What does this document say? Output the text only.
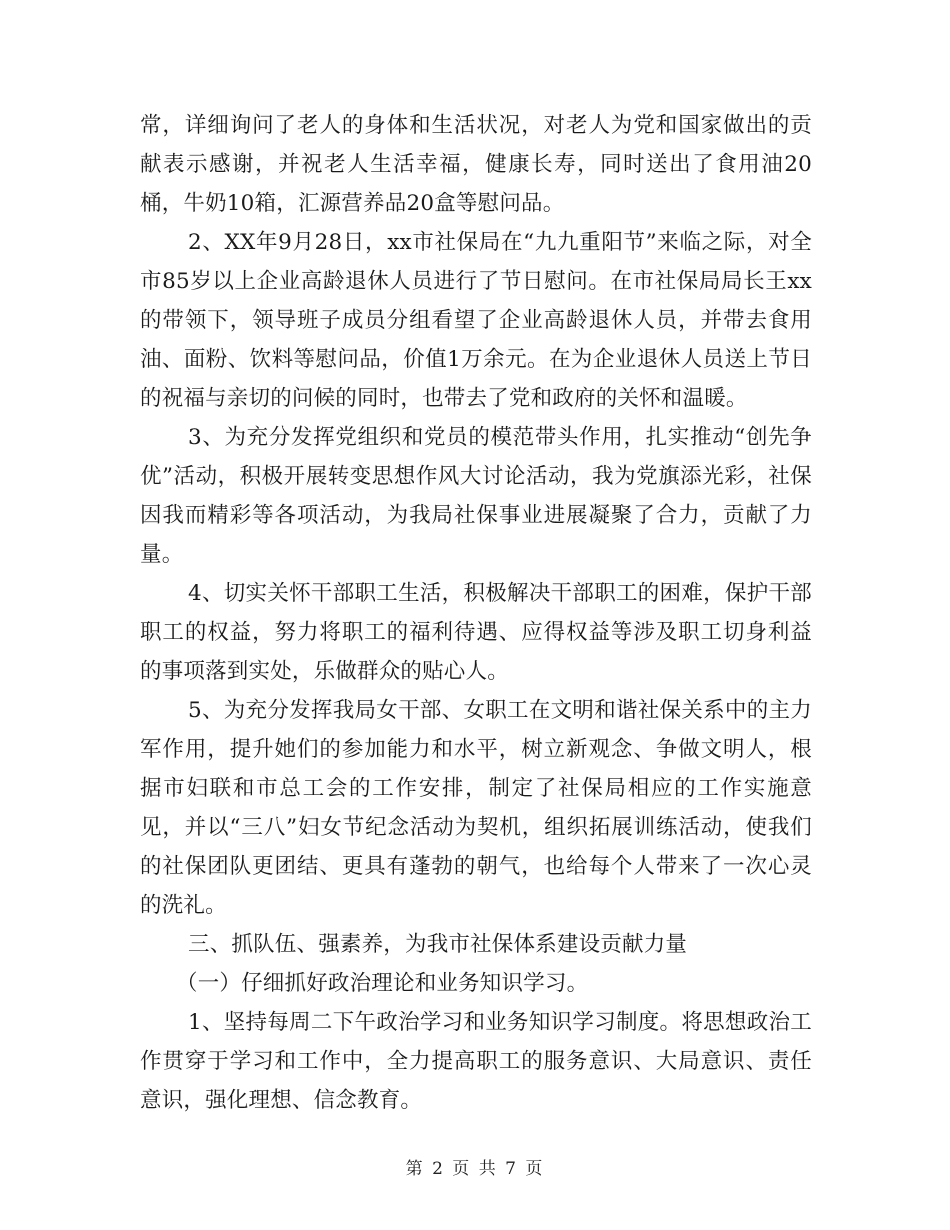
常，详细询问了老人的身体和生活状况，对老人为党和国家做出的贡献表示感谢，并祝老人生活幸福，健康长寿，同时送出了食用油20桶，牛奶10箱，汇源营养品20盒等慰问品。

2、XX年9月28日，xx市社保局在“九九重阳节”来临之际，对全市85岁以上企业高龄退休人员进行了节日慰问。在市社保局局长王xx的带领下，领导班子成员分组看望了企业高龄退休人员，并带去食用油、面粉、饮料等慰问品，价值1万余元。在为企业退休人员送上节日的祝福与亲切的问候的同时，也带去了党和政府的关怀和温暖。

3、为充分发挥党组织和党员的模范带头作用，扎实推动“创先争优”活动，积极开展转变思想作风大讨论活动，我为党旗添光彩，社保因我而精彩等各项活动，为我局社保事业进展凝聚了合力，贡献了力量。

4、切实关怀干部职工生活，积极解决干部职工的困难，保护干部职工的权益，努力将职工的福利待遇、应得权益等涉及职工切身利益的事项落到实处，乐做群众的贴心人。

5、为充分发挥我局女干部、女职工在文明和谐社保关系中的主力军作用，提升她们的参加能力和水平，树立新观念、争做文明人，根据市妇联和市总工会的工作安排，制定了社保局相应的工作实施意见，并以“三八”妇女节纪念活动为契机，组织拓展训练活动，使我们的社保团队更团结、更具有蓬勃的朝气，也给每个人带来了一次心灵的洗礼。

三、抓队伍、强素养，为我市社保体系建设贡献力量

（一）仔细抓好政治理论和业务知识学习。

1、坚持每周二下午政治学习和业务知识学习制度。将思想政治工作贯穿于学习和工作中，全力提高职工的服务意识、大局意识、责任意识，强化理想、信念教育。

第 2 页 共 7 页
